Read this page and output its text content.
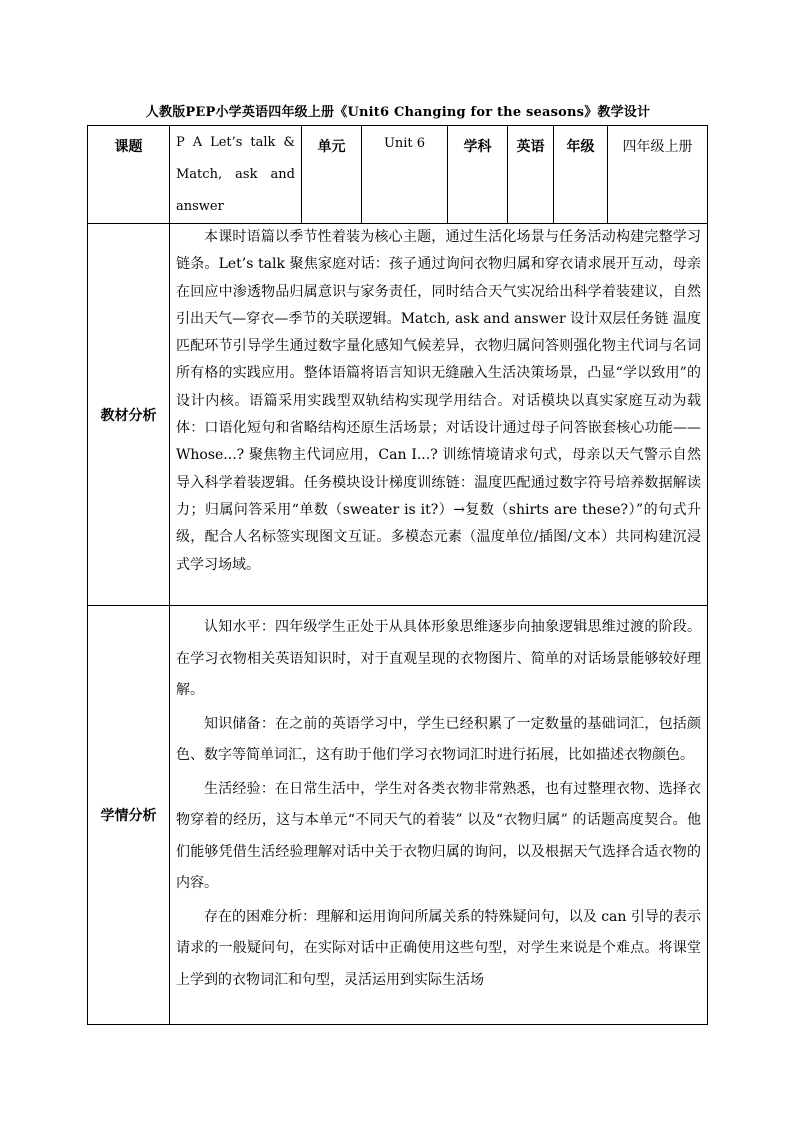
人教版PEP小学英语四年级上册《Unit6 Changing for the seasons》教学设计
课题	P A Let’s talk & Match, ask and answer	单元	Unit 6	学科	英语	年级	四年级上册
教材分析	本课时语篇以季节性着装为核心主题，通过生活化场景与任务活动构建完整学习链条。Let’s talk 聚焦家庭对话：孩子通过询问衣物归属和穿衣请求展开互动，母亲在回应中渗透物品归属意识与家务责任，同时结合天气实况给出科学着装建议，自然引出天气—穿衣—季节的关联逻辑。Match, ask and answer 设计双层任务链 温度匹配环节引导学生通过数字量化感知气候差异，衣物归属问答则强化物主代词与名词所有格的实践应用。整体语篇将语言知识无缝融入生活决策场景，凸显“学以致用”的设计内核。语篇采用实践型双轨结构实现学用结合。对话模块以真实家庭互动为载体：口语化短句和省略结构还原生活场景；对话设计通过母子问答嵌套核心功能——Whose...? 聚焦物主代词应用，Can I...? 训练情境请求句式，母亲以天气警示自然导入科学着装逻辑。任务模块设计梯度训练链：温度匹配通过数字符号培养数据解读力；归属问答采用“单数（sweater is it?）→复数（shirts are these?）”的句式升级，配合人名标签实现图文互证。多模态元素（温度单位/插图/文本）共同构建沉浸式学习场域。						

学情分析	认知水平：四年级学生正处于从具体形象思维逐步向抽象逻辑思维过渡的阶段。在学习衣物相关英语知识时，对于直观呈现的衣物图片、简单的对话场景能够较好理解。

知识储备：在之前的英语学习中，学生已经积累了一定数量的基础词汇，包括颜色、数字等简单词汇，这有助于他们学习衣物词汇时进行拓展，比如描述衣物颜色。

生活经验：在日常生活中，学生对各类衣物非常熟悉，也有过整理衣物、选择衣物穿着的经历，这与本单元“不同天气的着装” 以及“衣物归属” 的话题高度契合。他们能够凭借生活经验理解对话中关于衣物归属的询问，以及根据天气选择合适衣物的内容。

存在的困难分析：理解和运用询问所属关系的特殊疑问句，以及 can 引导的表示请求的一般疑问句，在实际对话中正确使用这些句型，对学生来说是个难点。将课堂上学到的衣物词汇和句型，灵活运用到实际生活场						
